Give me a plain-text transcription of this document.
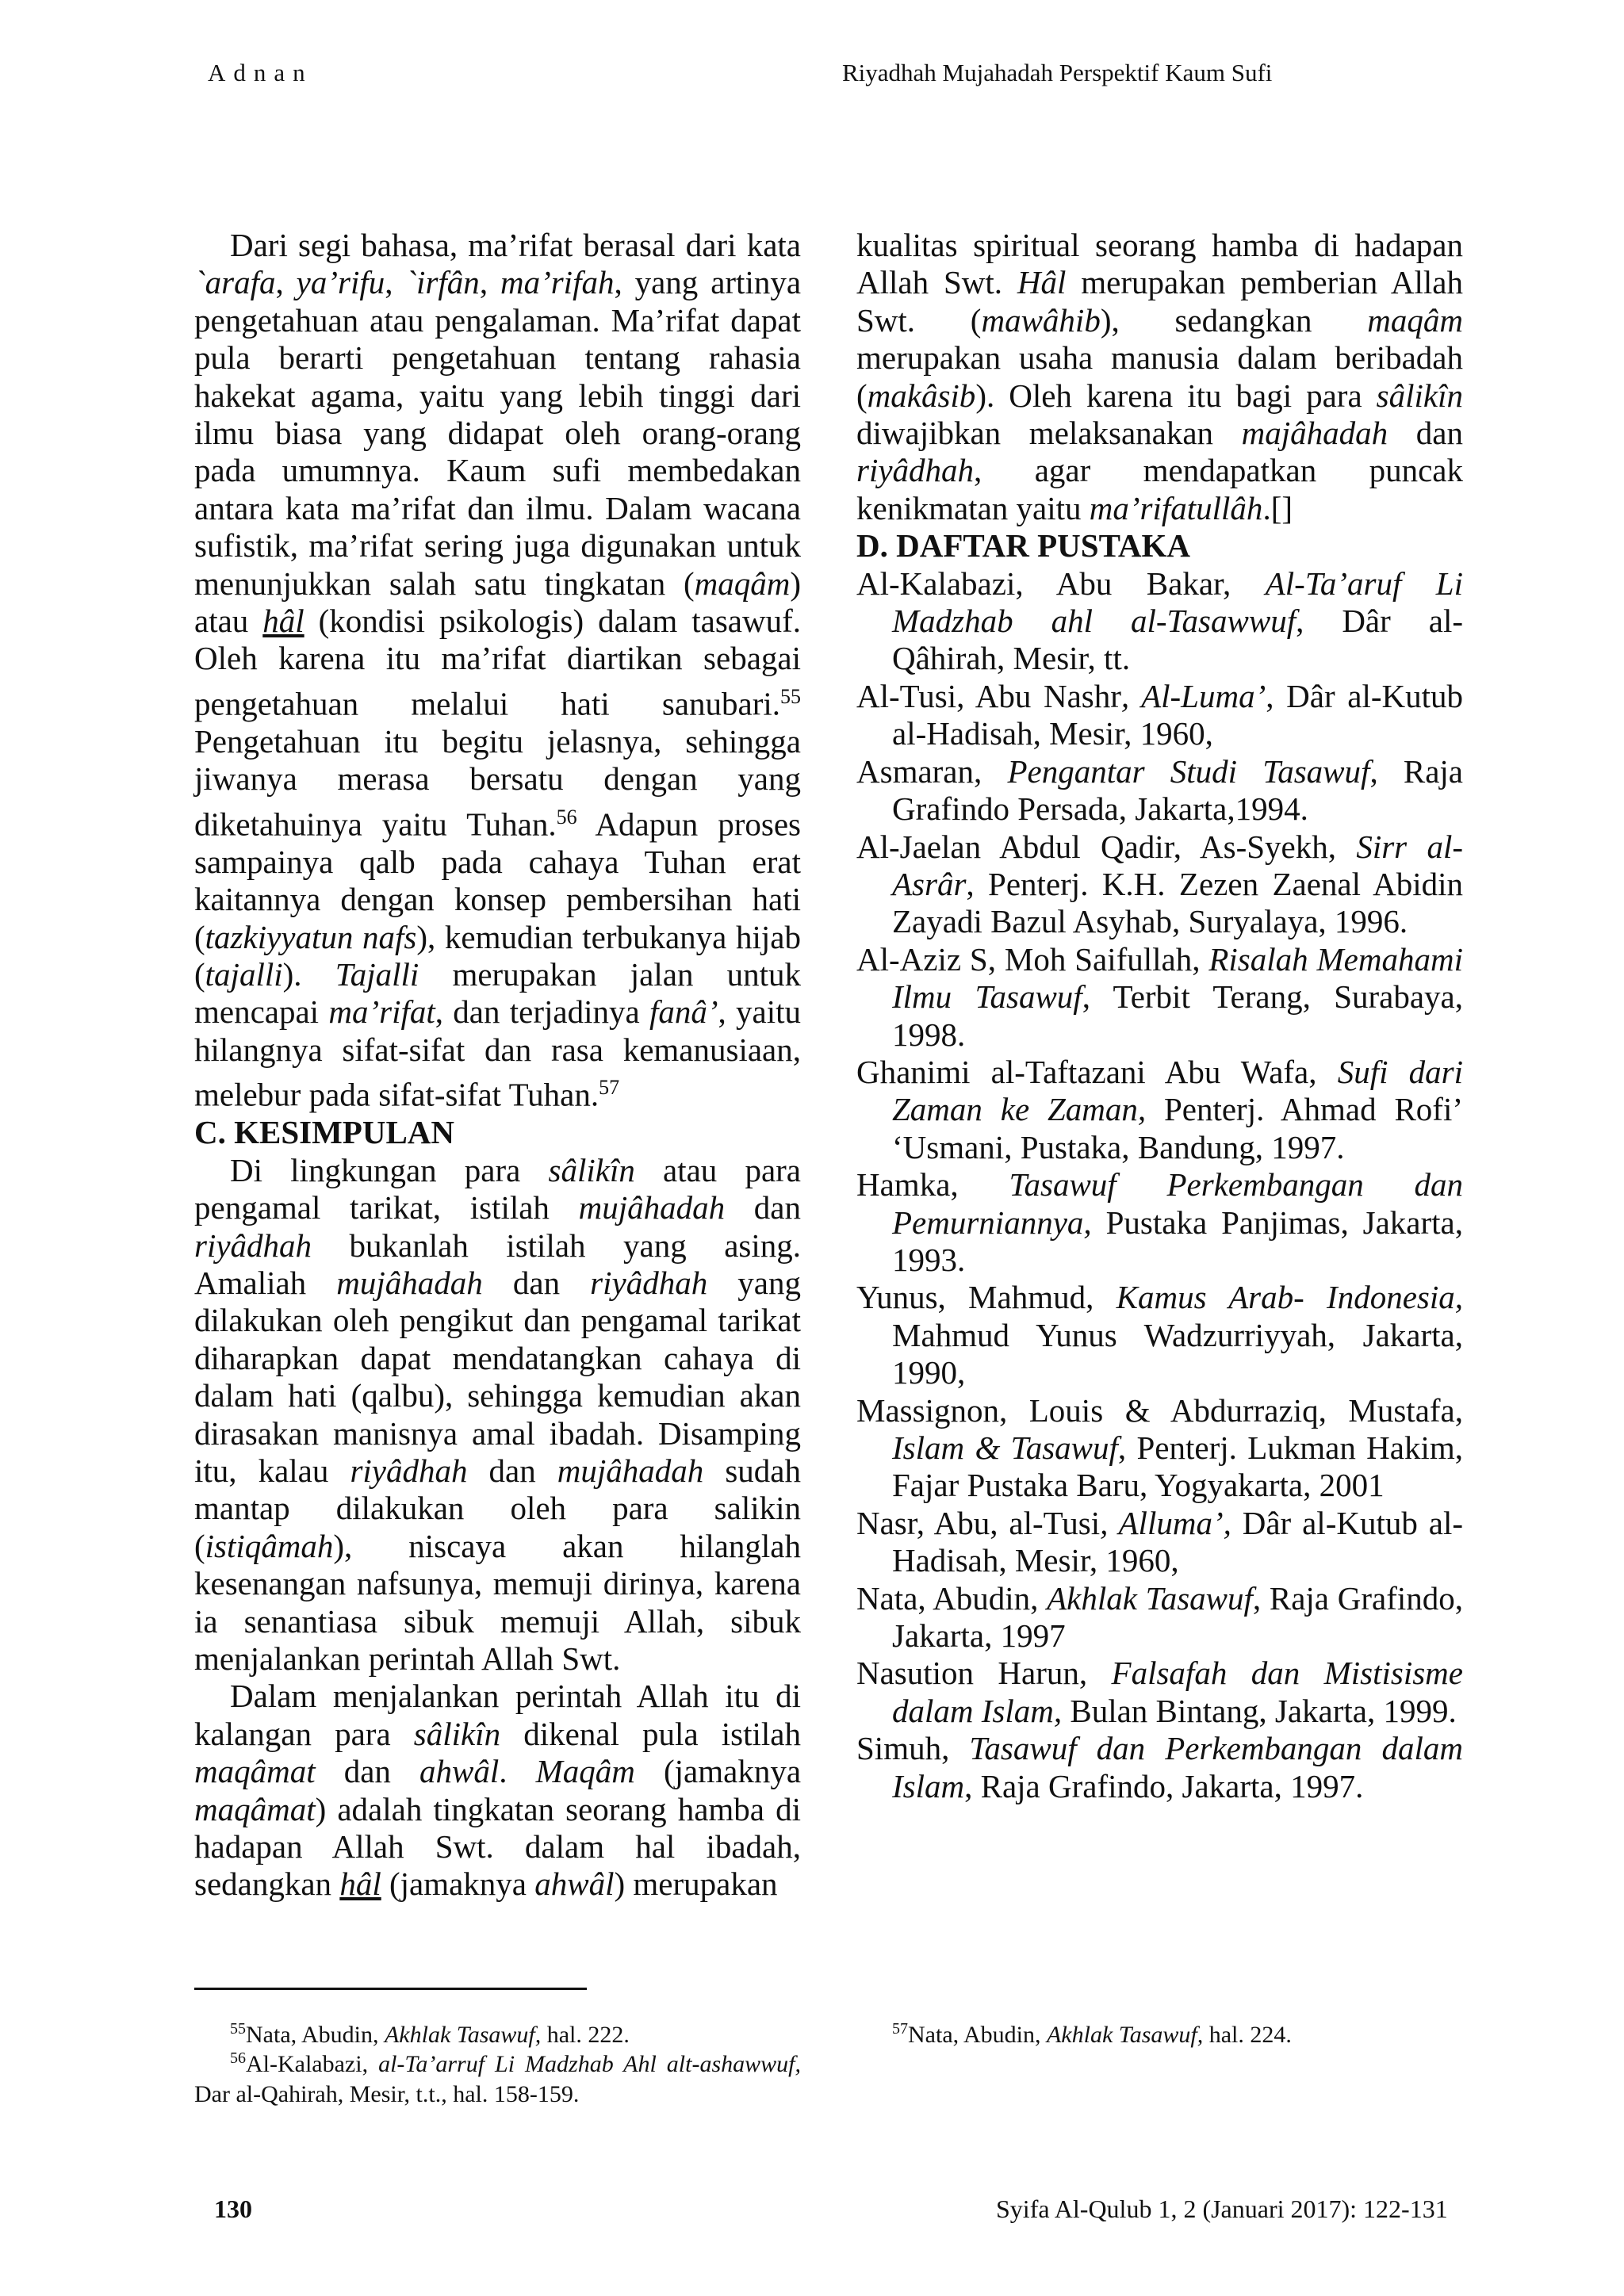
Adnan	Riyadhah Mujahadah Perspektif Kaum Sufi

Dari segi bahasa, ma’rifat berasal dari kata `arafa, ya’rifu, `irfân, ma’rifah, yang artinya pengetahuan atau pengalaman. Ma’rifat dapat pula berarti pengetahuan tentang rahasia hakekat agama, yaitu yang lebih tinggi dari ilmu biasa yang didapat oleh orang-orang pada umumnya. Kaum sufi membedakan antara kata ma’rifat dan ilmu. Dalam wacana sufistik, ma’rifat sering juga digunakan untuk menunjukkan salah satu tingkatan (maqâm) atau hâl (kondisi psikologis) dalam tasawuf. Oleh karena itu ma’rifat diartikan sebagai pengetahuan melalui hati sanubari.$^{55}$ Pengetahuan itu begitu jelasnya, sehingga jiwanya merasa bersatu dengan yang diketahuinya yaitu Tuhan.$^{56}$ Adapun proses sampainya qalb pada cahaya Tuhan erat kaitannya dengan konsep pembersihan hati (tazkiyyatun nafs), kemudian terbukanya hijab (tajalli). Tajalli merupakan jalan untuk mencapai ma’rifat, dan terjadinya fanâ’, yaitu hilangnya sifat-sifat dan rasa kemanusiaan, melebur pada sifat-sifat Tuhan.$^{57}$

C. KESIMPULAN

Di lingkungan para sâlikîn atau para pengamal tarikat, istilah mujâhadah dan riyâdhah bukanlah istilah yang asing. Amaliah mujâhadah dan riyâdhah yang dilakukan oleh pengikut dan pengamal tarikat diharapkan dapat mendatangkan cahaya di dalam hati (qalbu), sehingga kemudian akan dirasakan manisnya amal ibadah. Disamping itu, kalau riyâdhah dan mujâhadah sudah mantap dilakukan oleh para salikin (istiqâmah), niscaya akan hilanglah kesenangan nafsunya, memuji dirinya, karena ia senantiasa sibuk memuji Allah, sibuk menjalankan perintah Allah Swt.

Dalam menjalankan perintah Allah itu di kalangan para sâlikîn dikenal pula istilah maqâmat dan ahwâl. Maqâm (jamaknya maqâmat) adalah tingkatan seorang hamba di hadapan Allah Swt. dalam hal ibadah, sedangkan hâl (jamaknya ahwâl) merupakan

kualitas spiritual seorang hamba di hadapan Allah Swt. Hâl merupakan pemberian Allah Swt. (mawâhib), sedangkan maqâm merupakan usaha manusia dalam beribadah (makâsib). Oleh karena itu bagi para sâlikîn diwajibkan melaksanakan majâhadah dan riyâdhah, agar mendapatkan puncak kenikmatan yaitu ma’rifatullâh.[]

D. DAFTAR PUSTAKA

Al-Kalabazi, Abu Bakar, Al-Ta’aruf Li Madzhab ahl al-Tasawwuf, Dâr al- Qâhirah, Mesir, tt.

Al-Tusi, Abu Nashr, Al-Luma’, Dâr al-Kutub al-Hadisah, Mesir, 1960,

Asmaran, Pengantar Studi Tasawuf, Raja Grafindo Persada, Jakarta,1994.

Al-Jaelan Abdul Qadir, As-Syekh, Sirr al-Asrâr, Penterj. K.H. Zezen Zaenal Abidin Zayadi Bazul Asyhab, Suryalaya, 1996.

Al-Aziz S, Moh Saifullah, Risalah Memahami Ilmu Tasawuf, Terbit Terang, Surabaya, 1998.

Ghanimi al-Taftazani Abu Wafa, Sufi dari Zaman ke Zaman, Penterj. Ahmad Rofi’ ‘Usmani, Pustaka, Bandung, 1997.

Hamka, Tasawuf Perkembangan dan Pemurniannya, Pustaka Panjimas, Jakarta, 1993.

Yunus, Mahmud, Kamus Arab- Indonesia, Mahmud Yunus Wadzurriyyah, Jakarta, 1990,

Massignon, Louis & Abdurraziq, Mustafa, Islam & Tasawuf, Penterj. Lukman Hakim, Fajar Pustaka Baru, Yogyakarta, 2001

Nasr, Abu, al-Tusi, Alluma’, Dâr al-Kutub al-Hadisah, Mesir, 1960,

Nata, Abudin, Akhlak Tasawuf, Raja Grafindo, Jakarta, 1997

Nasution Harun, Falsafah dan Mistisisme dalam Islam, Bulan Bintang, Jakarta, 1999.

Simuh, Tasawuf dan Perkembangan dalam Islam, Raja Grafindo, Jakarta, 1997.

$^{55}$Nata, Abudin, Akhlak Tasawuf, hal. 222.

$^{56}$Al-Kalabazi, al-Ta’arruf Li Madzhab Ahl alt-ashawwuf, Dar al-Qahirah, Mesir, t.t., hal. 158-159.

$^{57}$Nata, Abudin, Akhlak Tasawuf, hal. 224.

130	Syifa Al-Qulub 1, 2 (Januari 2017): 122-131
